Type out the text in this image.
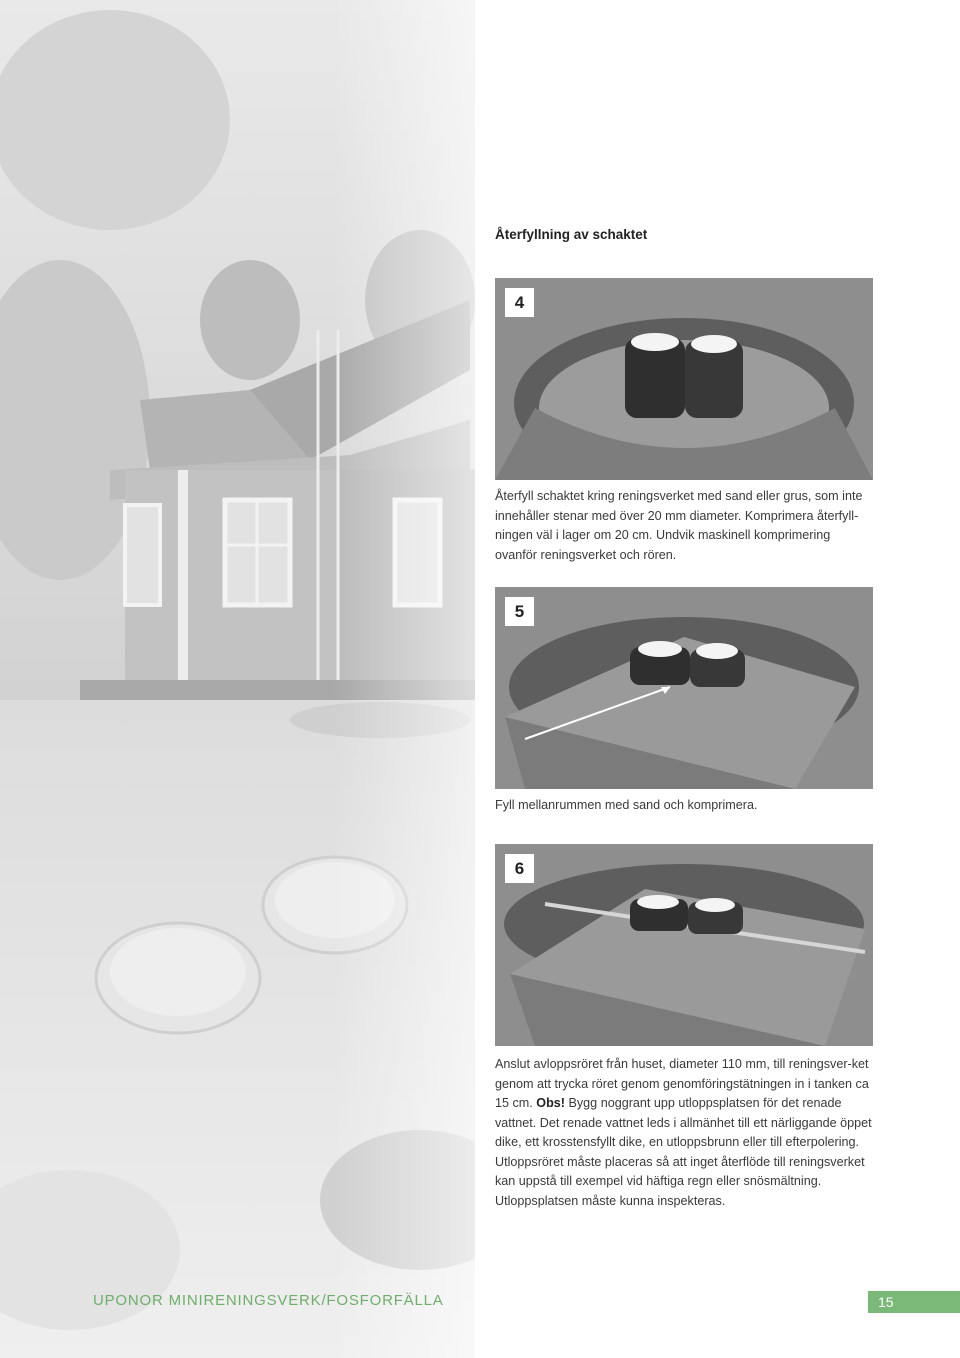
Återfyllning av schaktet
4

Återfyll schaktet kring reningsverket med sand eller grus, som inte innehåller stenar med över 20 mm diameter. Komprimera återfyll-ningen väl i lager om 20 cm. Undvik maskinell komprimering ovanför reningsverket och rören.

5

Fyll mellanrummen med sand och komprimera.

6

Anslut avloppsröret från huset, diameter 110 mm, till reningsver-ket genom att trycka röret genom genomföringstätningen in i tanken ca 15 cm. Obs! Bygg noggrant upp utloppsplatsen för det renade vattnet. Det renade vattnet leds i allmänhet till ett närliggande öppet dike, ett krosstensfyllt dike, en utloppsbrunn eller till efterpolering. Utloppsröret måste placeras så att inget återflöde till reningsverket kan uppstå till exempel vid häftiga regn eller snösmältning. Utloppsplatsen måste kunna inspekteras.

UPONOR MINIRENINGSVERK/FOSFORFÄLLA	15
